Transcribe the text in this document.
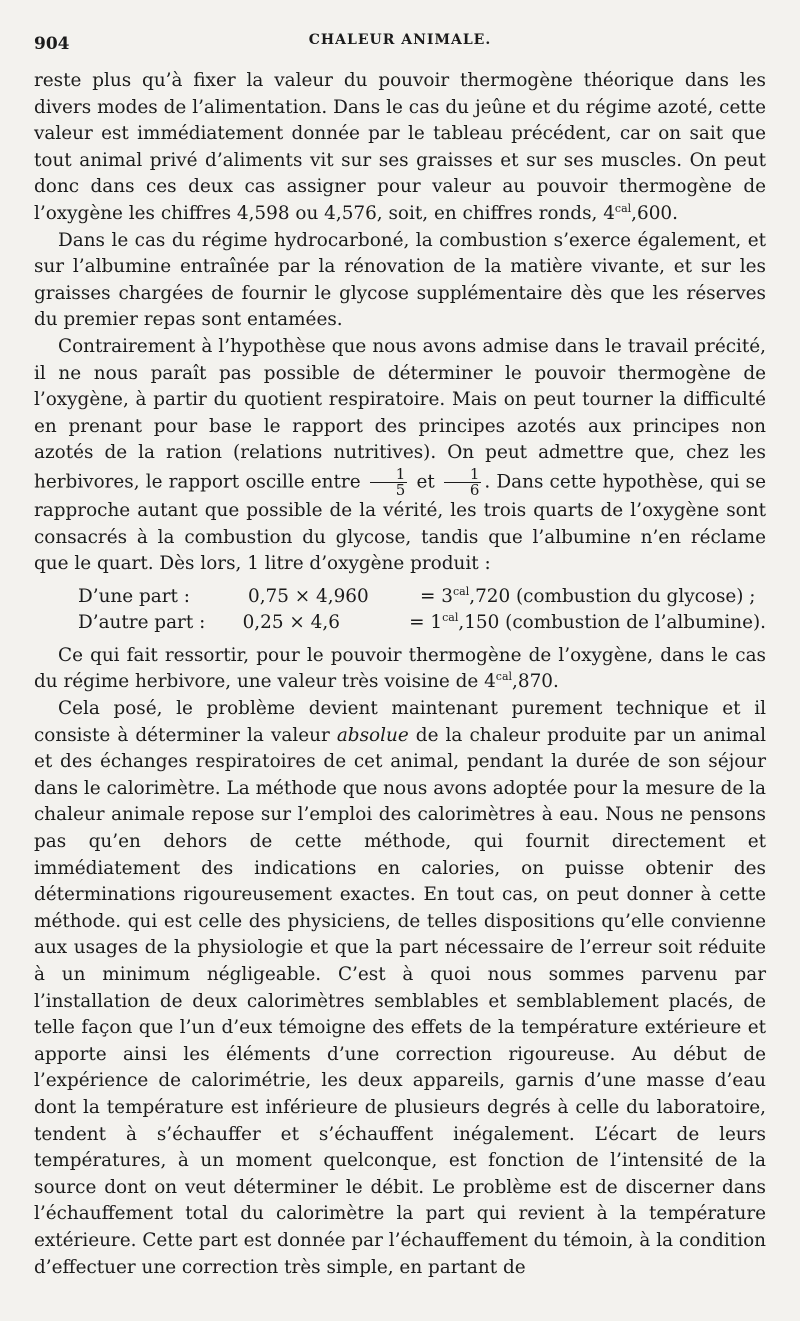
904	CHALEUR ANIMALE.

reste plus qu’à fixer la valeur du pouvoir thermogène théorique dans les divers modes de l’alimentation. Dans le cas du jeûne et du régime azoté, cette valeur est immédiatement donnée par le tableau précédent, car on sait que tout animal privé d’aliments vit sur ses graisses et sur ses muscles. On peut donc dans ces deux cas assigner pour valeur au pouvoir thermogène de l’oxygène les chiffres 4,598 ou 4,576, soit, en chiffres ronds, $4^{cal},600$.

Dans le cas du régime hydrocarboné, la combustion s’exerce également, et sur l’albumine entraînée par la rénovation de la matière vivante, et sur les graisses chargées de fournir le glycose supplémentaire dès que les réserves du premier repas sont entamées.

Contrairement à l’hypothèse que nous avons admise dans le travail précité, il ne nous paraît pas possible de déterminer le pouvoir thermogène de l’oxygène, à partir du quotient respiratoire. Mais on peut tourner la difficulté en prenant pour base le rapport des principes azotés aux principes non azotés de la ration (relations nutritives). On peut admettre que, chez les herbivores, le rapport oscille entre $\frac{1}{5}$ et $\frac{1}{6}$ . Dans cette hypothèse, qui se rapproche autant que possible de la vérité, les trois quarts de l’oxygène sont consacrés à la combustion du glycose, tandis que l’albumine n’en réclame que le quart. Dès lors, 1 litre d’oxygène produit :

D’une part :	0,75 × 4,960	= $3^{cal},720$ (combustion du glycose) ;
D’autre part :	0,25 × 4,6	= $1^{cal},150$ (combustion de l’albumine).

Ce qui fait ressortir, pour le pouvoir thermogène de l’oxygène, dans le cas du régime herbivore, une valeur très voisine de $4^{cal},870$.

Cela posé, le problème devient maintenant purement technique et il consiste à déterminer la valeur absolue de la chaleur produite par un animal et des échanges respiratoires de cet animal, pendant la durée de son séjour dans le calorimètre. La méthode que nous avons adoptée pour la mesure de la chaleur animale repose sur l’emploi des calorimètres à eau. Nous ne pensons pas qu’en dehors de cette méthode, qui fournit directement et immédiatement des indications en calories, on puisse obtenir des déterminations rigoureusement exactes. En tout cas, on peut donner à cette méthode. qui est celle des physiciens, de telles dispositions qu’elle convienne aux usages de la physiologie et que la part nécessaire de l’erreur soit réduite à un minimum négligeable. C’est à quoi nous sommes parvenu par l’installation de deux calorimètres semblables et semblablement placés, de telle façon que l’un d’eux témoigne des effets de la température extérieure et apporte ainsi les éléments d’une correction rigoureuse. Au début de l’expérience de calorimétrie, les deux appareils, garnis d’une masse d’eau dont la température est inférieure de plusieurs degrés à celle du laboratoire, tendent à s’échauffer et s’échauffent inégalement. L’écart de leurs températures, à un moment quelconque, est fonction de l’intensité de la source dont on veut déterminer le débit. Le problème est de discerner dans l’échauffement total du calorimètre la part qui revient à la température extérieure. Cette part est donnée par l’échauffement du témoin, à la condition d’effectuer une correction très simple, en partant de
